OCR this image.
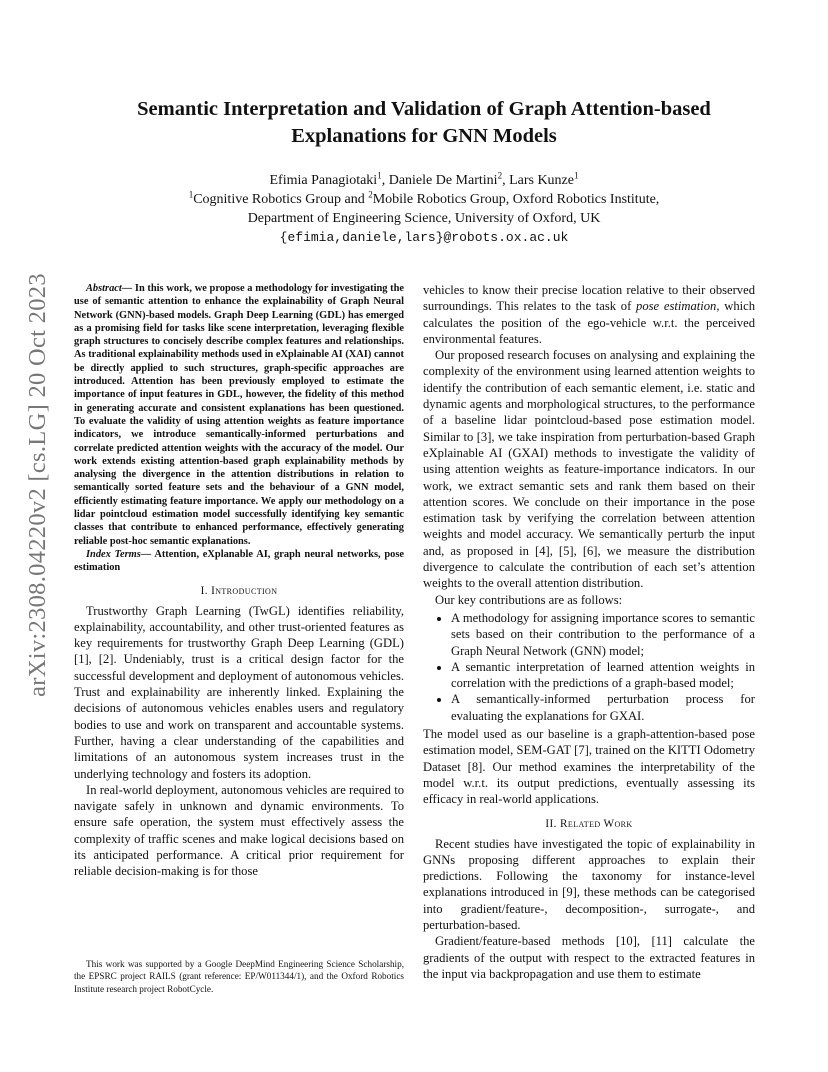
arXiv:2308.04220v2 [cs.LG] 20 Oct 2023
Semantic Interpretation and Validation of Graph Attention-based
Explanations for GNN Models
Efimia Panagiotaki$^1$, Daniele De Martini$^2$, Lars Kunze$^1$
$^1$Cognitive Robotics Group and $^2$Mobile Robotics Group, Oxford Robotics Institute,
Department of Engineering Science, University of Oxford, UK
{efimia,daniele,lars}@robots.ox.ac.uk

Abstract— In this work, we propose a methodology for investigating the use of semantic attention to enhance the explainability of Graph Neural Network (GNN)-based models. Graph Deep Learning (GDL) has emerged as a promising field for tasks like scene interpretation, leveraging flexible graph structures to concisely describe complex features and relationships. As traditional explainability methods used in eXplainable AI (XAI) cannot be directly applied to such structures, graph-specific approaches are introduced. Attention has been previously employed to estimate the importance of input features in GDL, however, the fidelity of this method in generating accurate and consistent explanations has been questioned. To evaluate the validity of using attention weights as feature importance indicators, we introduce semantically-informed perturbations and correlate predicted attention weights with the accuracy of the model. Our work extends existing attention-based graph explainability methods by analysing the divergence in the attention distributions in relation to semantically sorted feature sets and the behaviour of a GNN model, efficiently estimating feature importance. We apply our methodology on a lidar pointcloud estimation model successfully identifying key semantic classes that contribute to enhanced performance, effectively generating reliable post-hoc semantic explanations.

Index Terms— Attention, eXplanable AI, graph neural networks, pose estimation

I. Introduction

Trustworthy Graph Learning (TwGL) identifies reliability, explainability, accountability, and other trust-oriented features as key requirements for trustworthy Graph Deep Learning (GDL) [1], [2]. Undeniably, trust is a critical design factor for the successful development and deployment of autonomous vehicles. Trust and explainability are inherently linked. Explaining the decisions of autonomous vehicles enables users and regulatory bodies to use and work on transparent and accountable systems. Further, having a clear understanding of the capabilities and limitations of an autonomous system increases trust in the underlying technology and fosters its adoption.

In real-world deployment, autonomous vehicles are required to navigate safely in unknown and dynamic environments. To ensure safe operation, the system must effectively assess the complexity of traffic scenes and make logical decisions based on its anticipated performance. A critical prior requirement for reliable decision-making is for those

This work was supported by a Google DeepMind Engineering Science Scholarship, the EPSRC project RAILS (grant reference: EP/W011344/1), and the Oxford Robotics Institute research project RobotCycle.

vehicles to know their precise location relative to their observed surroundings. This relates to the task of pose estimation, which calculates the position of the ego-vehicle w.r.t. the perceived environmental features.

Our proposed research focuses on analysing and explaining the complexity of the environment using learned attention weights to identify the contribution of each semantic element, i.e. static and dynamic agents and morphological structures, to the performance of a baseline lidar pointcloud-based pose estimation model. Similar to [3], we take inspiration from perturbation-based Graph eXplainable AI (GXAI) methods to investigate the validity of using attention weights as feature-importance indicators. In our work, we extract semantic sets and rank them based on their attention scores. We conclude on their importance in the pose estimation task by verifying the correlation between attention weights and model accuracy. We semantically perturb the input and, as proposed in [4], [5], [6], we measure the distribution divergence to calculate the contribution of each set’s attention weights to the overall attention distribution.

Our key contributions are as follows:

• A methodology for assigning importance scores to semantic sets based on their contribution to the performance of a Graph Neural Network (GNN) model;
• A semantic interpretation of learned attention weights in correlation with the predictions of a graph-based model;
• A semantically-informed perturbation process for evaluating the explanations for GXAI.

The model used as our baseline is a graph-attention-based pose estimation model, SEM-GAT [7], trained on the KITTI Odometry Dataset [8]. Our method examines the interpretability of the model w.r.t. its output predictions, eventually assessing its efficacy in real-world applications.

II. Related Work

Recent studies have investigated the topic of explainability in GNNs proposing different approaches to explain their predictions. Following the taxonomy for instance-level explanations introduced in [9], these methods can be categorised into gradient/feature-, decomposition-, surrogate-, and perturbation-based.

Gradient/feature-based methods [10], [11] calculate the gradients of the output with respect to the extracted features in the input via backpropagation and use them to estimate
